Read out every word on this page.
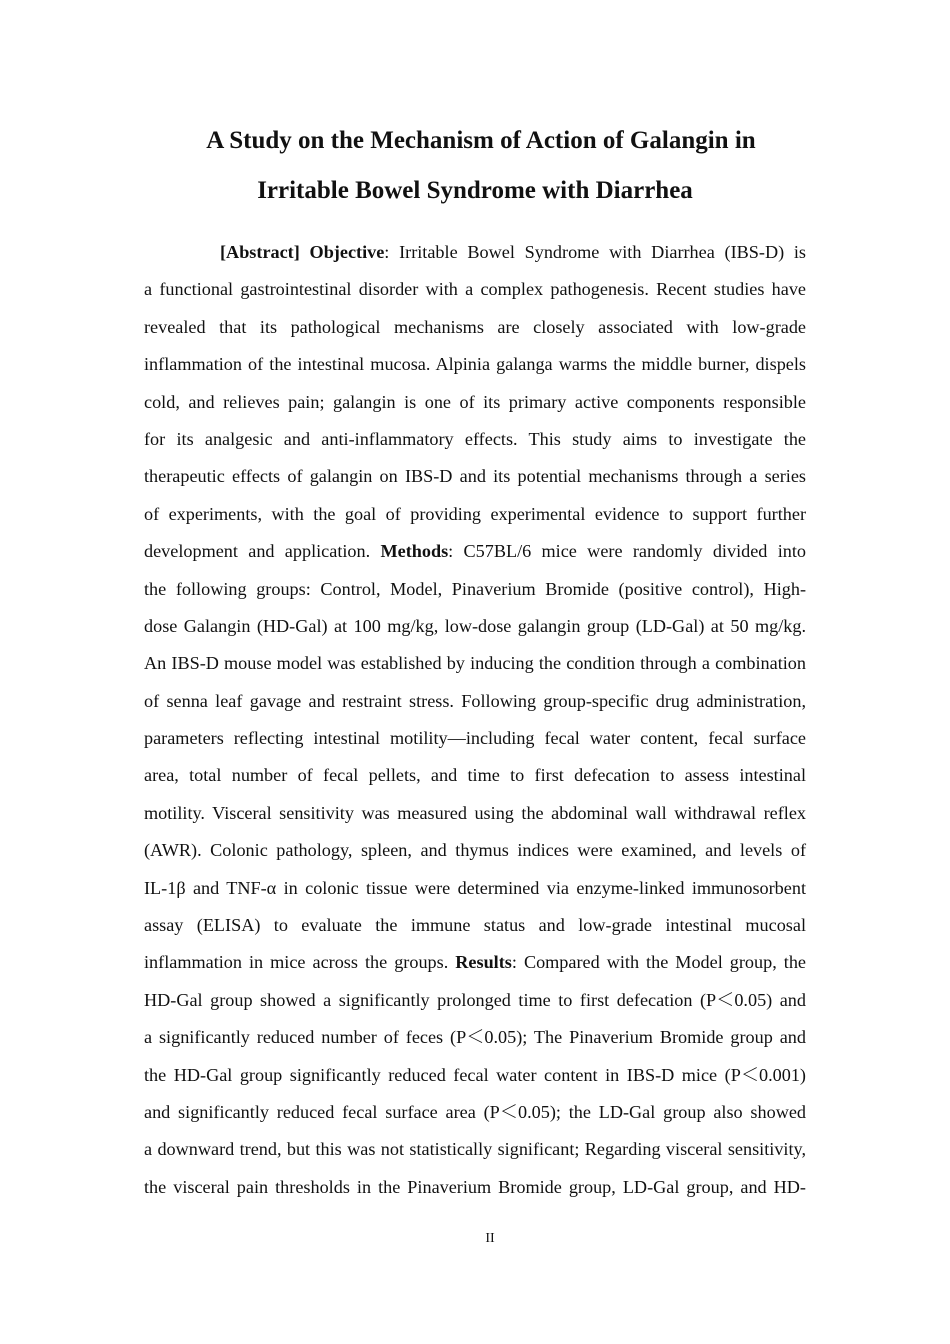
A Study on the Mechanism of Action of Galangin in
Irritable Bowel Syndrome with Diarrhea
[Abstract] Objective: Irritable Bowel Syndrome with Diarrhea (IBS-D) is
a functional gastrointestinal disorder with a complex pathogenesis. Recent studies have
revealed that its pathological mechanisms are closely associated with low-grade
inflammation of the intestinal mucosa. Alpinia galanga warms the middle burner, dispels
cold, and relieves pain; galangin is one of its primary active components responsible
for its analgesic and anti-inflammatory effects. This study aims to investigate the
therapeutic effects of galangin on IBS-D and its potential mechanisms through a series
of experiments, with the goal of providing experimental evidence to support further
development and application. Methods: C57BL/6 mice were randomly divided into
the following groups: Control, Model, Pinaverium Bromide (positive control), High-
dose Galangin (HD-Gal) at 100 mg/kg, low-dose galangin group (LD-Gal) at 50 mg/kg.
An IBS-D mouse model was established by inducing the condition through a combination
of senna leaf gavage and restraint stress. Following group-specific drug administration,
parameters reflecting intestinal motility—including fecal water content, fecal surface
area, total number of fecal pellets, and time to first defecation to assess intestinal
motility. Visceral sensitivity was measured using the abdominal wall withdrawal reflex
(AWR). Colonic pathology, spleen, and thymus indices were examined, and levels of
IL-1β and TNF-α in colonic tissue were determined via enzyme-linked immunosorbent
assay (ELISA) to evaluate the immune status and low-grade intestinal mucosal
inflammation in mice across the groups. Results: Compared with the Model group, the
HD-Gal group showed a significantly prolonged time to first defecation (P＜0.05) and
a significantly reduced number of feces (P＜0.05); The Pinaverium Bromide group and
the HD-Gal group significantly reduced fecal water content in IBS-D mice (P＜0.001)
and significantly reduced fecal surface area (P＜0.05); the LD-Gal group also showed
a downward trend, but this was not statistically significant; Regarding visceral sensitivity,
the visceral pain thresholds in the Pinaverium Bromide group, LD-Gal group, and HD-
II
